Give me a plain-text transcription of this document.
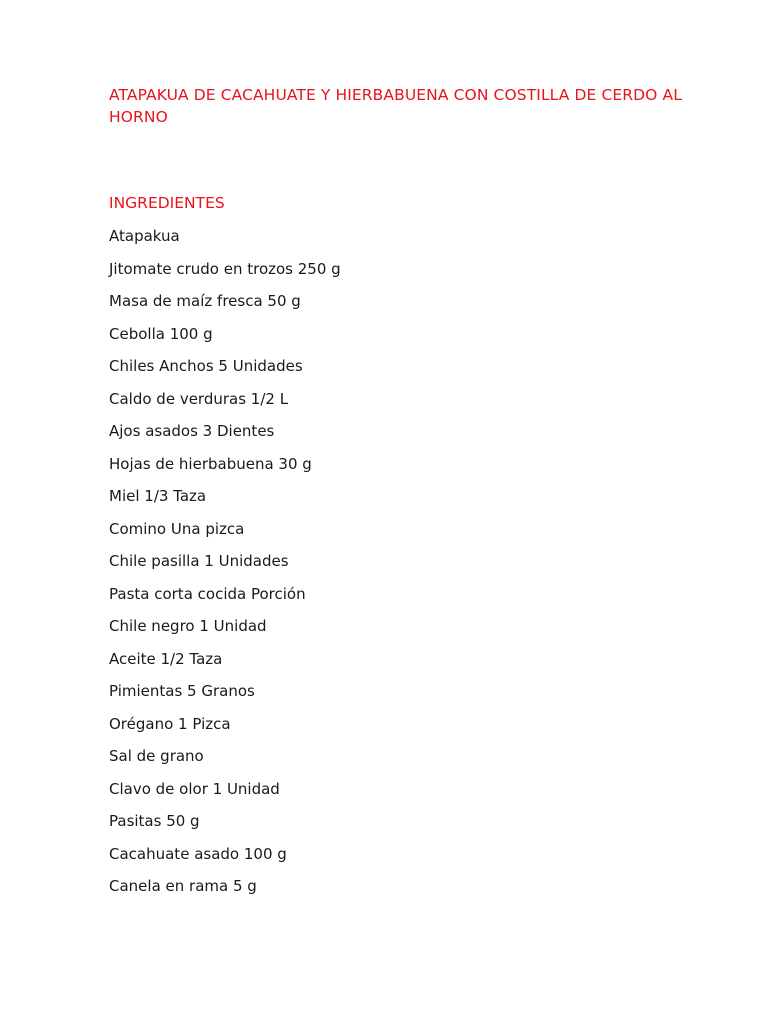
ATAPAKUA DE CACAHUATE Y HIERBABUENA CON COSTILLA DE CERDO AL HORNO
INGREDIENTES
Atapakua
Jitomate crudo en trozos 250 g
Masa de maíz fresca 50 g
Cebolla 100 g
Chiles Anchos 5 Unidades
Caldo de verduras 1/2 L
Ajos asados 3 Dientes
Hojas de hierbabuena 30 g
Miel 1/3 Taza
Comino Una pizca
Chile pasilla 1 Unidades
Pasta corta cocida Porción
Chile negro 1 Unidad
Aceite 1/2 Taza
Pimientas 5 Granos
Orégano 1 Pizca
Sal de grano
Clavo de olor 1 Unidad
Pasitas 50 g
Cacahuate asado 100 g
Canela en rama 5 g
